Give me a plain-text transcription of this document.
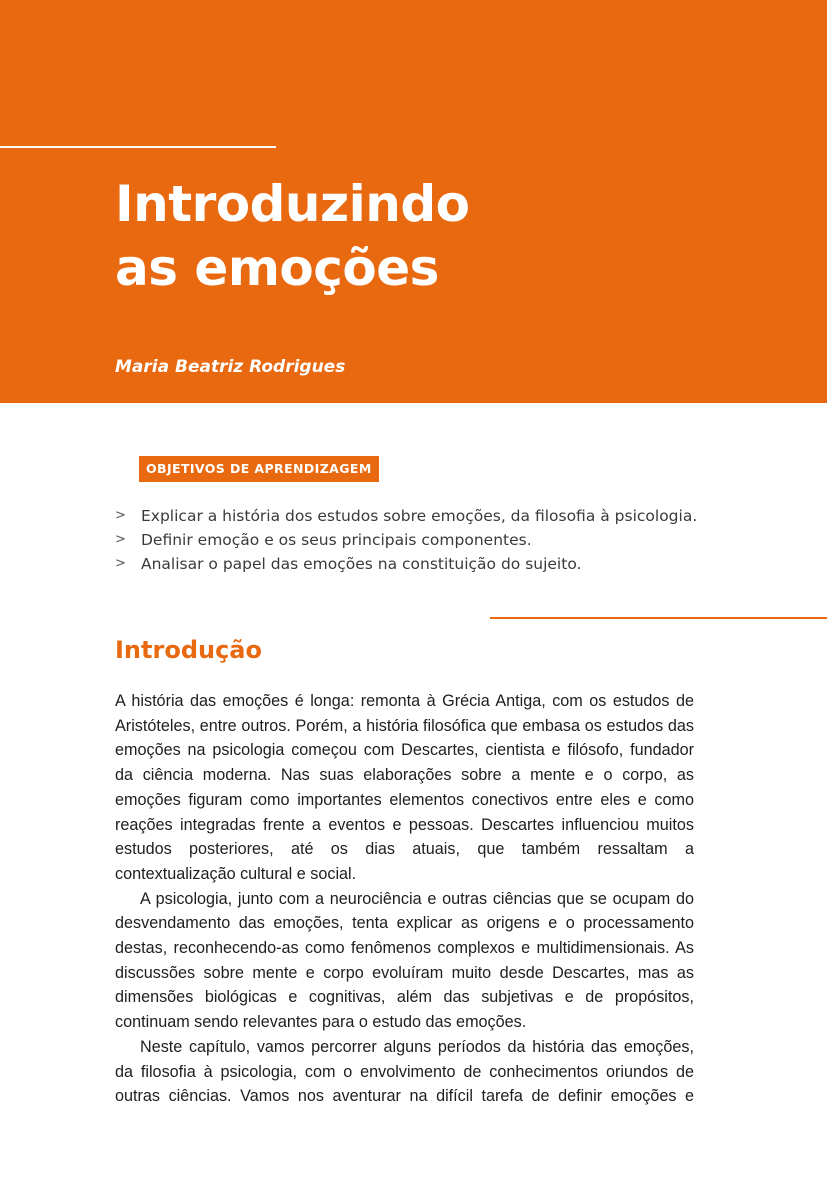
Introduzindo
as emoções
Maria Beatriz Rodrigues
OBJETIVOS DE APRENDIZAGEM
> Explicar a história dos estudos sobre emoções, da filosofia à psicologia.
> Definir emoção e os seus principais componentes.
> Analisar o papel das emoções na constituição do sujeito.
Introdução

A história das emoções é longa: remonta à Grécia Antiga, com os estudos de Aristóteles, entre outros. Porém, a história filosófica que embasa os estudos das emoções na psicologia começou com Descartes, cientista e filósofo, fundador da ciência moderna. Nas suas elaborações sobre a mente e o corpo, as emoções figuram como importantes elementos conectivos entre eles e como reações integradas frente a eventos e pessoas. Descartes influenciou muitos estudos posteriores, até os dias atuais, que também ressaltam a contextualização cultural e social.

A psicologia, junto com a neurociência e outras ciências que se ocupam do desvendamento das emoções, tenta explicar as origens e o processamento destas, reconhecendo-as como fenômenos complexos e multidimensionais. As discussões sobre mente e corpo evoluíram muito desde Descartes, mas as dimensões biológicas e cognitivas, além das subjetivas e de propósitos, continuam sendo relevantes para o estudo das emoções.

Neste capítulo, vamos percorrer alguns períodos da história das emoções, da filosofia à psicologia, com o envolvimento de conhecimentos oriundos de outras ciências. Vamos nos aventurar na difícil tarefa de definir emoções e
